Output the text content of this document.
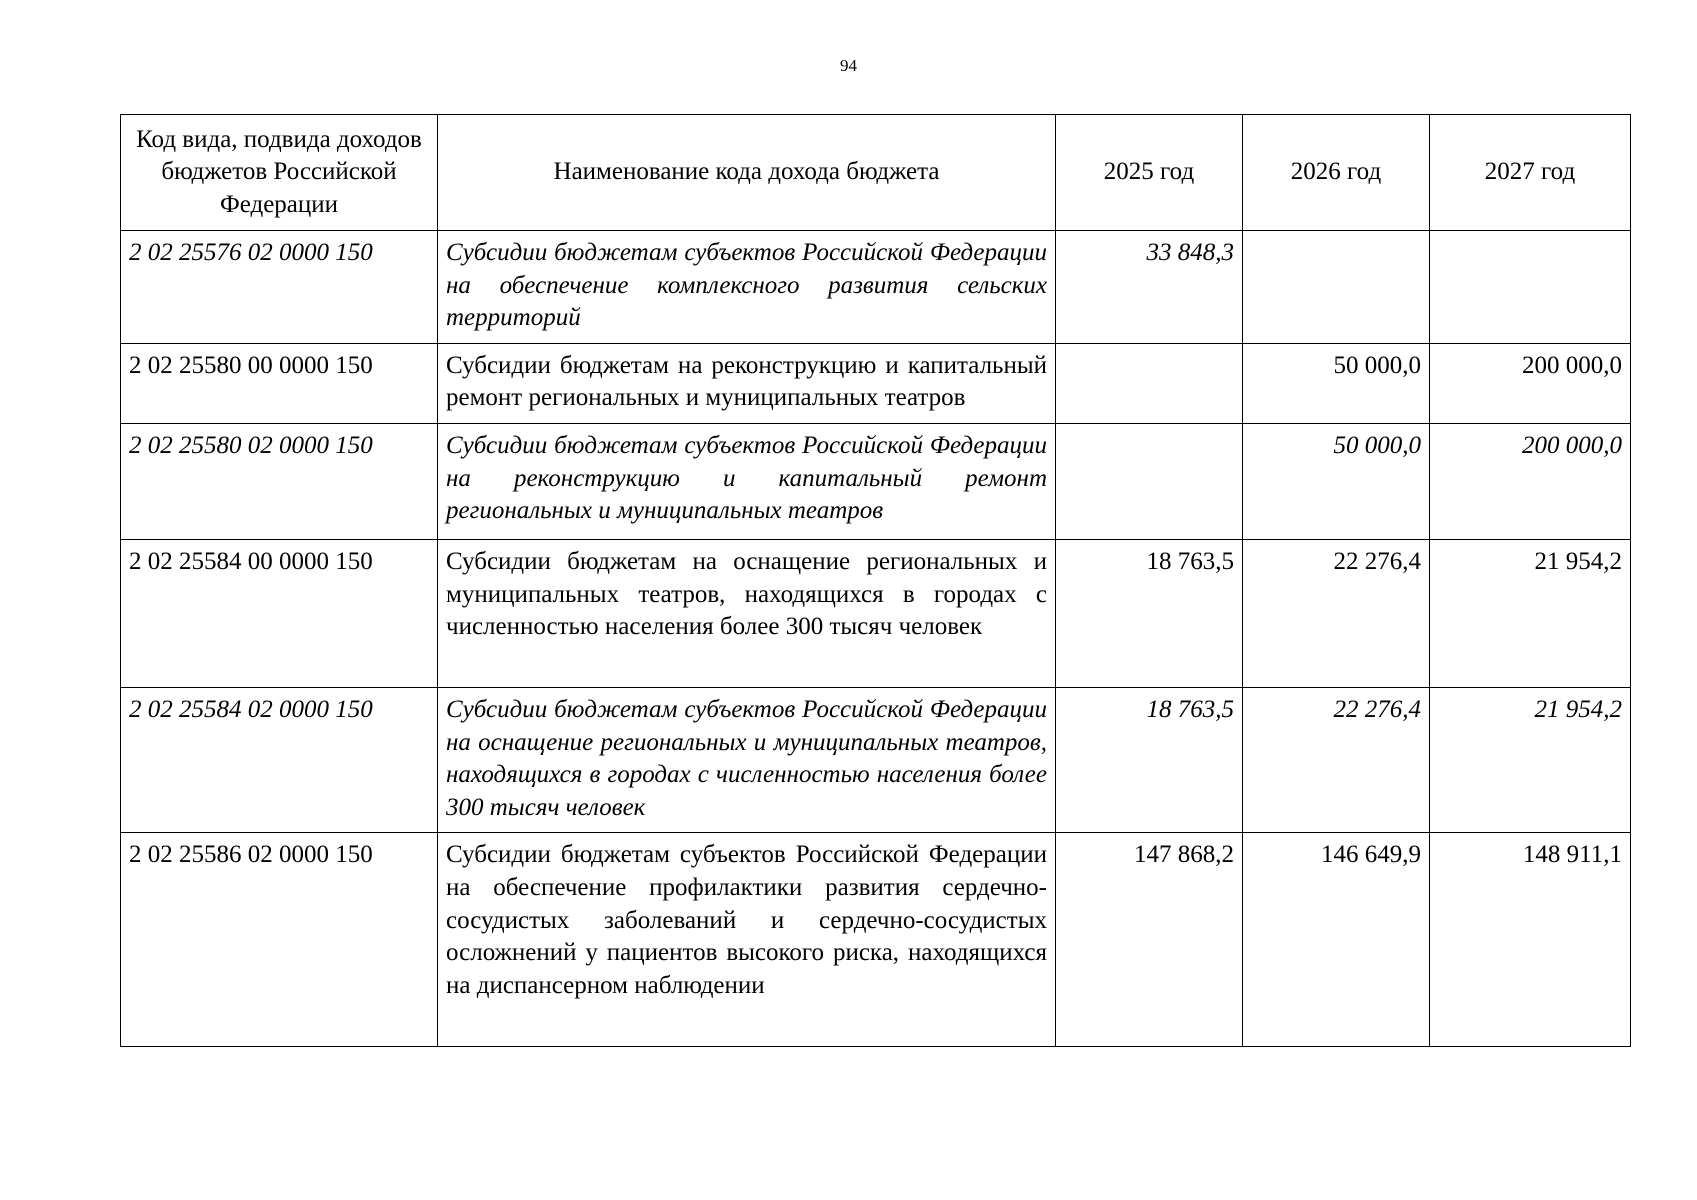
94
Код вида, подвида доходов бюджетов Российской Федерации	Наименование кода дохода бюджета	2025 год	2026 год	2027 год
2 02 25576 02 0000 150	Субсидии бюджетам субъектов Российской Федерации на обеспечение комплексного развития сельских территорий	33 848,3		
2 02 25580 00 0000 150	Субсидии бюджетам на реконструкцию и капитальный ремонт региональных и муниципальных театров		50 000,0	200 000,0
2 02 25580 02 0000 150	Субсидии бюджетам субъектов Российской Федерации на реконструкцию и капитальный ремонт региональных и муниципальных театров		50 000,0	200 000,0
2 02 25584 00 0000 150	Субсидии бюджетам на оснащение региональных и муниципальных театров, находящихся в городах с численностью населения более 300 тысяч человек	18 763,5	22 276,4	21 954,2
2 02 25584 02 0000 150	Субсидии бюджетам субъектов Российской Федерации на оснащение региональных и муниципальных театров, находящихся в городах с численностью населения более 300 тысяч человек	18 763,5	22 276,4	21 954,2
2 02 25586 02 0000 150	Субсидии бюджетам субъектов Российской Федерации на обеспечение профилактики развития сердечно-сосудистых заболеваний и сердечно-сосудистых осложнений у пациентов высокого риска, находящихся на диспансерном наблюдении	147 868,2	146 649,9	148 911,1
